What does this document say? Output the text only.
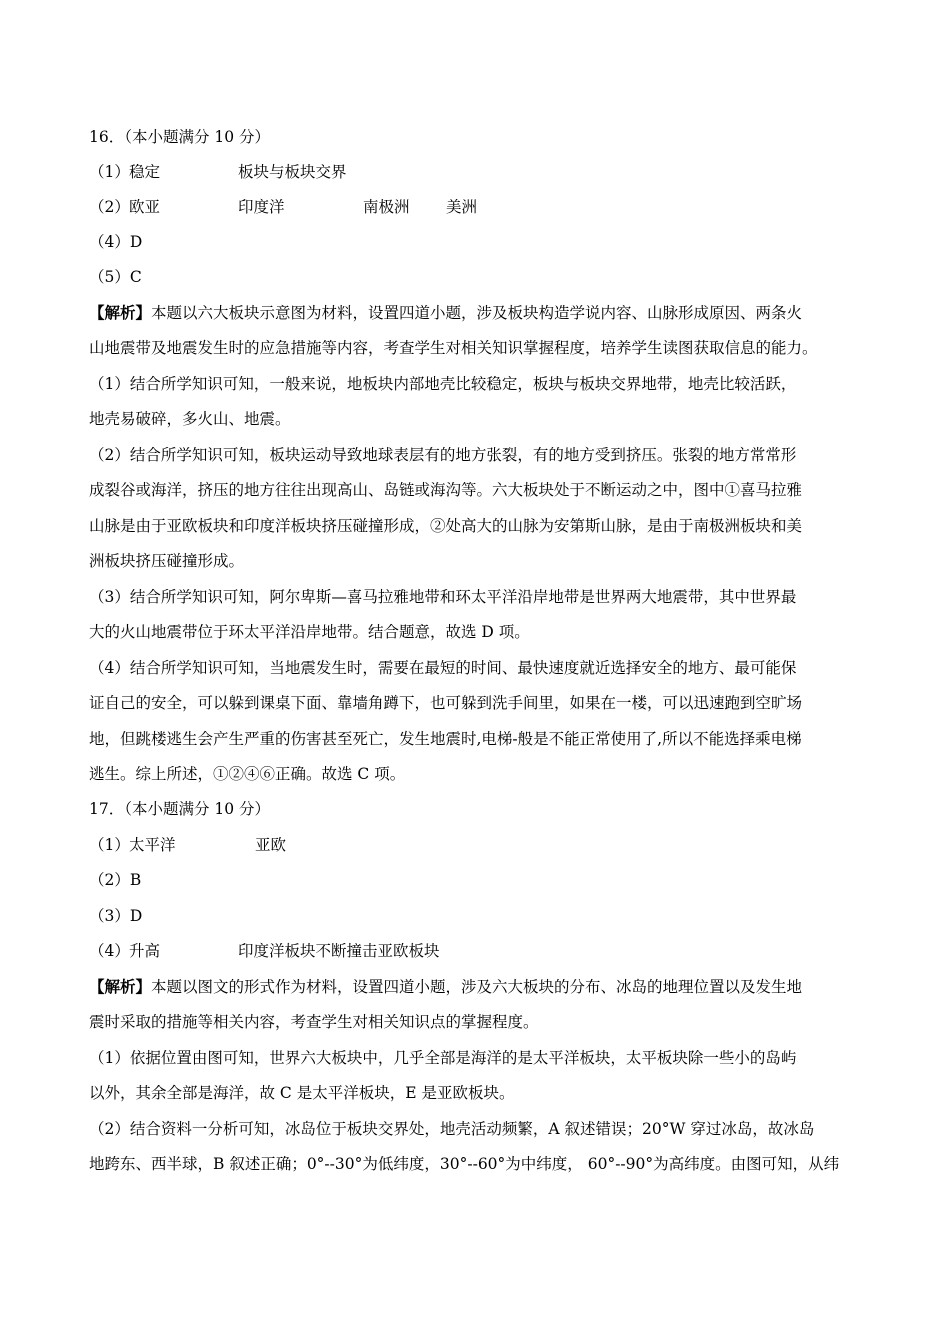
16．（本小题满分 10 分）
（1） 稳定	板块与板块交界
（2） 欧亚	印度洋	南极洲 美洲
（4）D
（5）C
【解析】本题以六大板块示意图为材料，设置四道小题，涉及板块构造学说内容、山脉形成原因、两条火
山地震带及地震发生时的应急措施等内容，考查学生对相关知识掌握程度，培养学生读图获取信息的能力。
（1）结合所学知识可知，一般来说，地板块内部地壳比较稳定，板块与板块交界地带，地壳比较活跃，
地壳易破碎，多火山、地震。
（2）结合所学知识可知，板块运动导致地球表层有的地方张裂，有的地方受到挤压。张裂的地方常常形
成裂谷或海洋，挤压的地方往往出现高山、岛链或海沟等。六大板块处于不断运动之中，图中①喜马拉雅
山脉是由于亚欧板块和印度洋板块挤压碰撞形成，②处高大的山脉为安第斯山脉，是由于南极洲板块和美
洲板块挤压碰撞形成。
（3）结合所学知识可知，阿尔卑斯—喜马拉雅地带和环太平洋沿岸地带是世界两大地震带，其中世界最
大的火山地震带位于环太平洋沿岸地带。结合题意，故选 D 项。
（4）结合所学知识可知，当地震发生时，需要在最短的时间、最快速度就近选择安全的地方、最可能保
证自己的安全，可以躲到课桌下面、靠墙角蹲下，也可躲到洗手间里，如果在一楼，可以迅速跑到空旷场
地，但跳楼逃生会产生严重的伤害甚至死亡，发生地震时,电梯-般是不能正常使用了,所以不能选择乘电梯
逃生。综上所述，①②④⑥正确。故选 C 项。
17．（本小题满分 10 分）
（1） 太平洋	亚欧
（2）B
（3）D
（4） 升高	印度洋板块不断撞击亚欧板块
【解析】本题以图文的形式作为材料，设置四道小题，涉及六大板块的分布、冰岛的地理位置以及发生地
震时采取的措施等相关内容，考查学生对相关知识点的掌握程度。
（1）依据位置由图可知，世界六大板块中，几乎全部是海洋的是太平洋板块，太平板块除一些小的岛屿
以外，其余全部是海洋，故 C 是太平洋板块，E 是亚欧板块。
（2）结合资料一分析可知，冰岛位于板块交界处，地壳活动频繁，A 叙述错误；20°W 穿过冰岛，故冰岛
地跨东、西半球，B 叙述正确；0°--30°为低纬度，30°--60°为中纬度， 60°--90°为高纬度。由图可知，从纬
